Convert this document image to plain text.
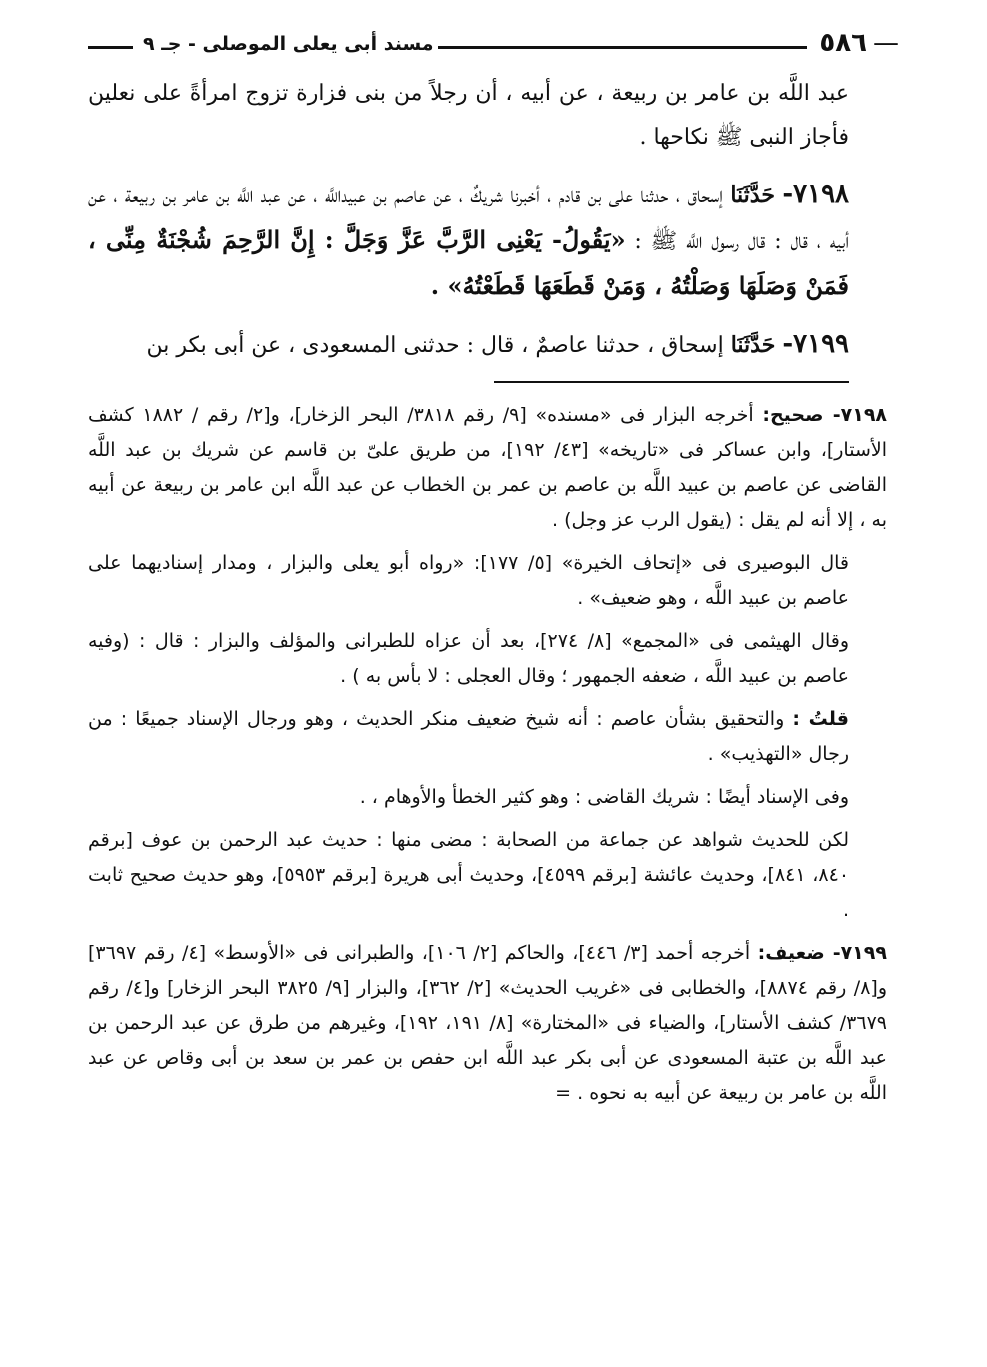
— ٥٨٦
مسند أبى يعلى الموصلى - جـ ٩

عبد اللَّه بن عامر بن ربيعة ، عن أبيه ، أن رجلاً من بنى فزارة تزوج امرأةً على نعلين فأجاز النبى ﷺ نكاحها .

٧١٩٨- حَدَّثَنَا إسحاق ، حدثنا على بن قادم ، أخبرنا شريكٌ ، عن عاصم بن عبيداللَّه ، عن عبد اللَّه بن عامر بن ربيعة ، عن أبيه ، قال : قال رسول اللَّه ﷺ : «يَقُولُ- يَعْنِى الرَّبَّ عَزَّ وَجَلَّ : إِنَّ الرَّحِمَ شُجْنَةٌ مِنِّى ، فَمَنْ وَصَلَهَا وَصَلْتُهُ ، وَمَنْ قَطَعَهَا قَطَعْتُهُ» .

٧١٩٩- حَدَّثَنَا إسحاق ، حدثنا عاصمٌ ، قال : حدثنى المسعودى ، عن أبى بكر بن

٧١٩٨- صحيح: أخرجه البزار فى «مسنده» [٩/ رقم ٣٨١٨/ البحر الزخار]، و[٢/ رقم / ١٨٨٢ كشف الأستار]، وابن عساكر فى «تاريخه» [٤٣/ ١٩٢]، من طريق علىّ بن قاسم عن شريك بن عبد اللَّه القاضى عن عاصم بن عبيد اللَّه بن عاصم بن عمر بن الخطاب عن عبد اللَّه ابن عامر بن ربيعة عن أبيه به ، إلا أنه لم يقل : (يقول الرب عز وجل) .

قال البوصيرى فى «إتحاف الخيرة» [٥/ ١٧٧]: «رواه أبو يعلى والبزار ، ومدار إسناديهما على عاصم بن عبيد اللَّه ، وهو ضعيف» .

وقال الهيثمى فى «المجمع» [٨/ ٢٧٤]، بعد أن عزاه للطبرانى والمؤلف والبزار : قال : (وفيه عاصم بن عبيد اللَّه ، ضعفه الجمهور ؛ وقال العجلى : لا بأس به ) .

قلتُ : والتحقيق بشأن عاصم : أنه شيخ ضعيف منكر الحديث ، وهو ورجال الإسناد جميعًا : من رجال «التهذيب» .

وفى الإسناد أيضًا : شريك القاضى : وهو كثير الخطأ والأوهام ، .

لكن للحديث شواهد عن جماعة من الصحابة : مضى منها : حديث عبد الرحمن بن عوف [برقم ٨٤٠، ٨٤١]، وحديث عائشة [برقم ٤٥٩٩]، وحديث أبى هريرة [برقم ٥٩٥٣]، وهو حديث صحيح ثابت .

٧١٩٩- ضعيف: أخرجه أحمد [٣/ ٤٤٦]، والحاكم [٢/ ١٠٦]، والطبرانى فى «الأوسط» [٤/ رقم ٣٦٩٧] و[٨/ رقم ٨٨٧٤]، والخطابى فى «غريب الحديث» [٢/ ٣٦٢]، والبزار [٩/ ٣٨٢٥ البحر الزخار] و[٤/ رقم ٣٦٧٩/ كشف الأستار]، والضياء فى «المختارة» [٨/ ١٩١، ١٩٢]، وغيرهم من طرق عن عبد الرحمن بن عبد اللَّه بن عتبة المسعودى عن أبى بكر عبد اللَّه ابن حفص بن عمر بن سعد بن أبى وقاص عن عبد اللَّه بن عامر بن ربيعة عن أبيه به نحوه . =
